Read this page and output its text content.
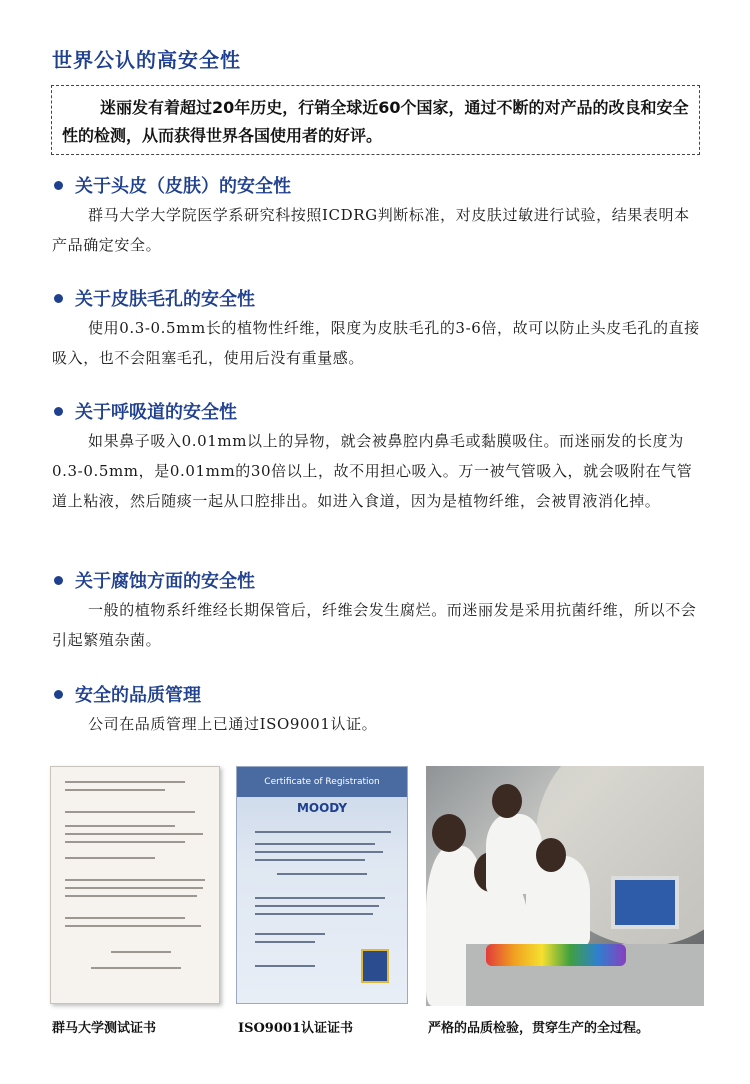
世界公认的高安全性

迷丽发有着超过20年历史，行销全球近60个国家，通过不断的对产品的改良和安全性的检测，从而获得世界各国使用者的好评。

关于头皮（皮肤）的安全性

群马大学大学院医学系研究科按照ICDRG判断标准，对皮肤过敏进行试验，结果表明本产品确定安全。

关于皮肤毛孔的安全性

使用0.3-0.5mm长的植物性纤维，限度为皮肤毛孔的3-6倍，故可以防止头皮毛孔的直接吸入，也不会阻塞毛孔，使用后没有重量感。

关于呼吸道的安全性

如果鼻子吸入0.01mm以上的异物，就会被鼻腔内鼻毛或黏膜吸住。而迷丽发的长度为0.3-0.5mm，是0.01mm的30倍以上，故不用担心吸入。万一被气管吸入，就会吸附在气管道上粘液，然后随痰一起从口腔排出。如进入食道，因为是植物纤维，会被胃液消化掉。

关于腐蚀方面的安全性

一般的植物系纤维经长期保管后，纤维会发生腐烂。而迷丽发是采用抗菌纤维，所以不会引起繁殖杂菌。

安全的品质管理

公司在品质管理上已通过ISO9001认证。

Certificate of Registration
MOODY
群马大学测试证书	ISO9001认证证书	严格的品质检验，贯穿生产的全过程。
